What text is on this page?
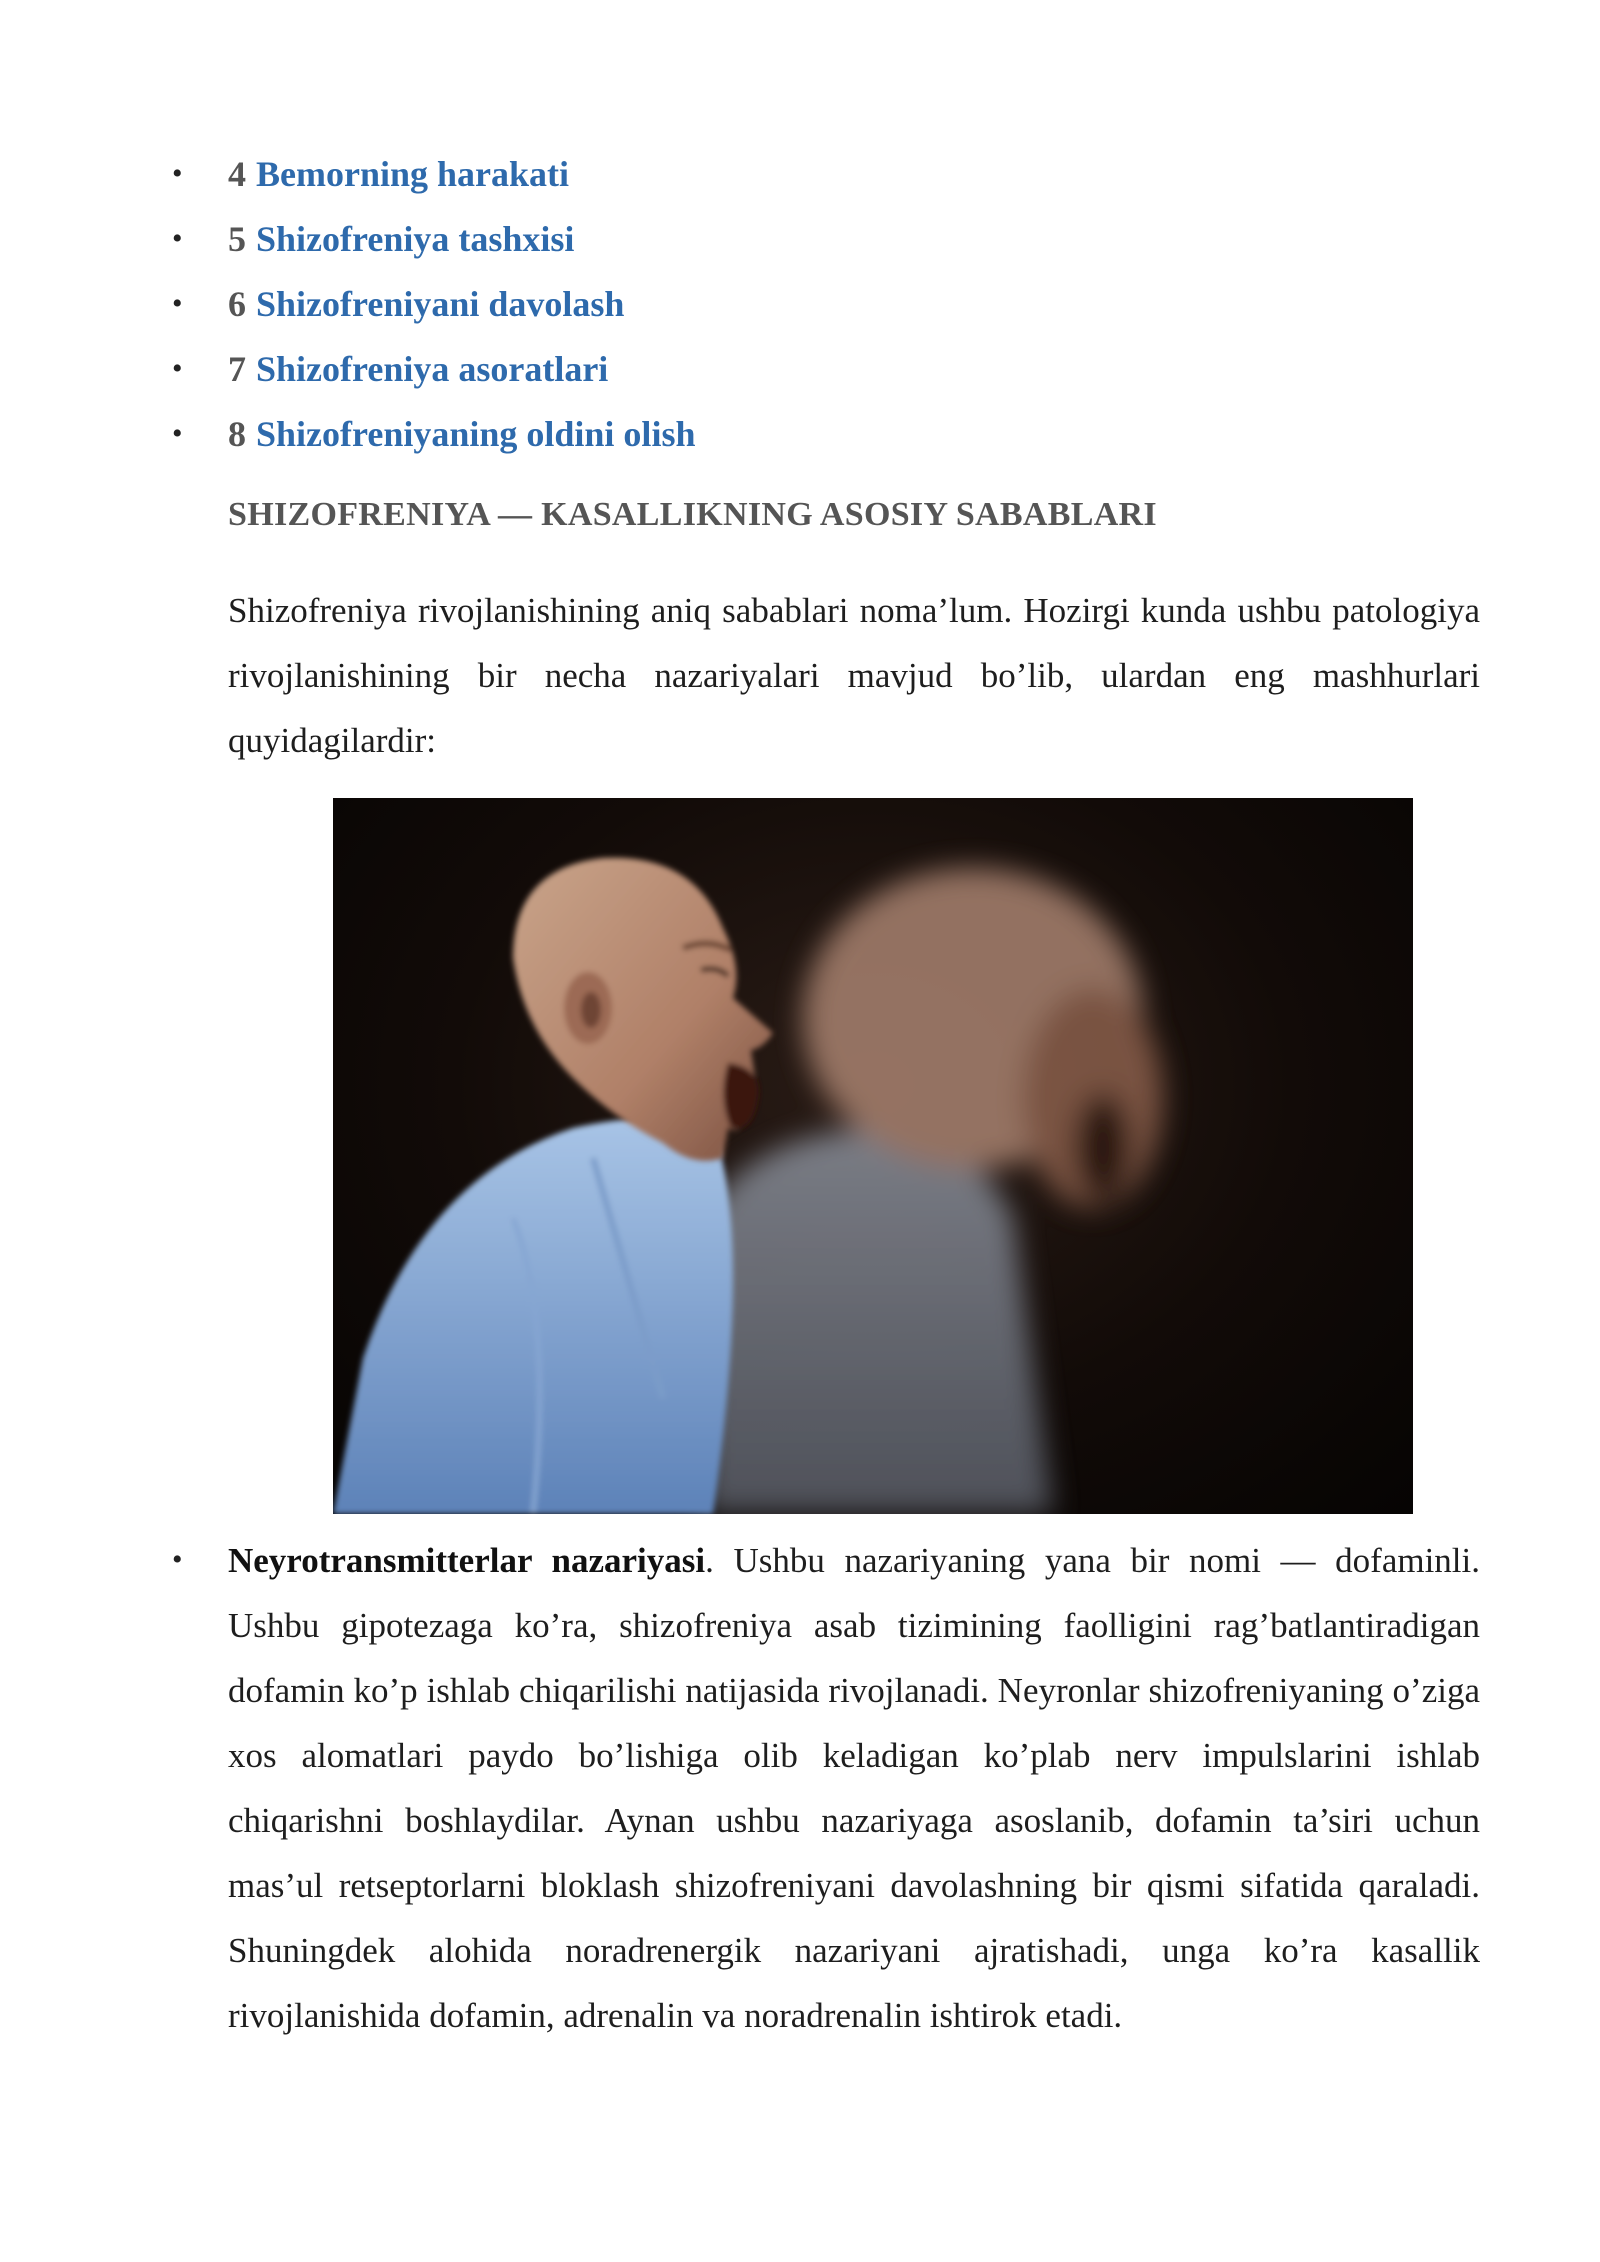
• 4 Bemorning harakati
• 5 Shizofreniya tashxisi
• 6 Shizofreniyani davolash
• 7 Shizofreniya asoratlari
• 8 Shizofreniyaning oldini olish
SHIZOFRENIYA — KASALLIKNING ASOSIY SABABLARI

Shizofreniya rivojlanishining aniq sabablari noma’lum. Hozirgi kunda ushbu patologiya rivojlanishining bir necha nazariyalari mavjud bo’lib, ulardan eng mashhurlari quyidagilardir:

• Neyrotransmitterlar nazariyasi. Ushbu nazariyaning yana bir nomi — dofaminli. Ushbu gipotezaga ko’ra, shizofreniya asab tizimining faolligini rag’batlantiradigan dofamin ko’p ishlab chiqarilishi natijasida rivojlanadi. Neyronlar shizofreniyaning o’ziga xos alomatlari paydo bo’lishiga olib keladigan ko’plab nerv impulslarini ishlab chiqarishni boshlaydilar. Aynan ushbu nazariyaga asoslanib, dofamin ta’siri uchun mas’ul retseptorlarni bloklash shizofreniyani davolashning bir qismi sifatida qaraladi. Shuningdek alohida noradrenergik nazariyani ajratishadi, unga ko’ra kasallik rivojlanishida dofamin, adrenalin va noradrenalin ishtirok etadi.
